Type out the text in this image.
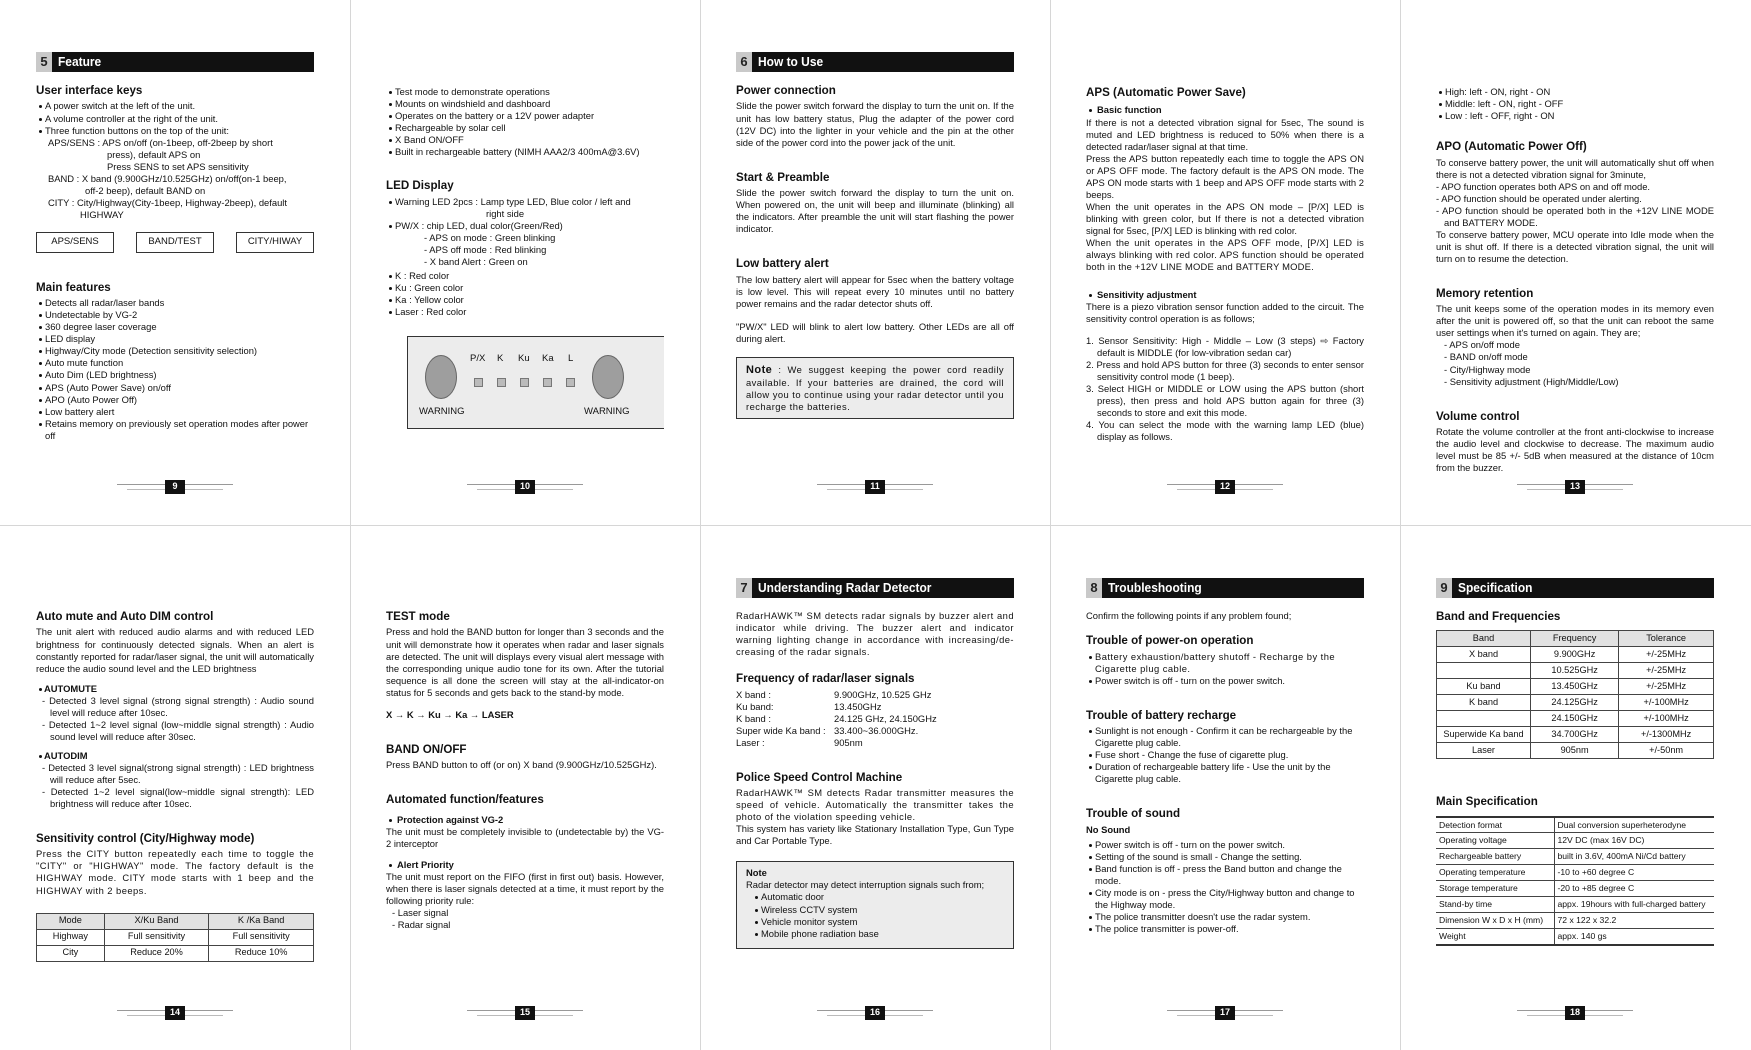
5 Feature
User interface keys
A power switch at the left of the unit.
A volume controller at the right of the unit.
Three function buttons on the top of the unit:

APS/SENS : APS on/off (on-1beep, off-2beep by short

press), default APS on

Press SENS to set APS sensitivity

BAND : X band (9.900GHz/10.525GHz) on/off(on-1 beep,

off-2 beep), default BAND on

CITY : City/Highway(City-1beep, Highway-2beep), default

HIGHWAY

APS/SENS	BAND/TEST	CITY/HIWAY
Main features
Detects all radar/laser bands
Undetectable by VG-2
360 degree laser coverage
LED display
Highway/City mode (Detection sensitivity selection)
Auto mute function
Auto Dim (LED brightness)
APS (Auto Power Save) on/off
APO (Auto Power Off)
Low battery alert
Retains memory on previously set operation modes after power off
9
Test mode to demonstrate operations
Mounts on windshield and dashboard
Operates on the battery or a 12V power adapter
Rechargeable by solar cell
X Band ON/OFF
Built in rechargeable battery (NIMH AAA2/3 400mA@3.6V)
LED Display
Warning LED 2pcs : Lamp type LED, Blue color / left and

right side

PW/X : chip LED, dual color(Green/Red)

- APS on mode : Green blinking

- APS off mode : Red blinking

- X band Alert : Green on

K : Red color
Ku : Green color
Ka : Yellow color
Laser : Red color
P/X K Ku Ka L
WARNING	WARNING
10
6 How to Use
Power connection

Slide the power switch forward the display to turn the unit on. If the unit has low battery status, Plug the adapter of the power cord (12V DC) into the lighter in your vehicle and the pin at the other side of the power cord into the power jack of the unit.

Start & Preamble

Slide the power switch forward the display to turn the unit on. When powered on, the unit will beep and illuminate (blinking) all the indicators. After preamble the unit will start flashing the power indicator.

Low battery alert

The low battery alert will appear for 5sec when the battery voltage is low level. This will repeat every 10 minutes until no battery power remains and the radar detector shuts off.

"PW/X" LED will blink to alert low battery. Other LEDs are all off during alert.

Note : We suggest keeping the power cord readily available. If your batteries are drained, the cord will allow you to continue using your radar detector until you recharge the batteries.

11
APS (Automatic Power Save)
Basic function

If there is not a detected vibration signal for 5sec, The sound is muted and LED brightness is reduced to 50% when there is a detected radar/laser signal at that time.

Press the APS button repeatedly each time to toggle the APS ON or APS OFF mode. The factory default is the APS ON mode. The APS ON mode starts with 1 beep and APS OFF mode starts with 2 beeps.

When the unit operates in the APS ON mode – [P/X] LED is blinking with green color, but If there is not a detected vibration signal for 5sec, [P/X] LED is blinking with red color.

When the unit operates in the APS OFF mode, [P/X] LED is always blinking with red color. APS function should be operated both in the +12V LINE MODE and BATTERY MODE.

Sensitivity adjustment

There is a piezo vibration sensor function added to the circuit. The sensitivity control operation is as follows;

1. Sensor Sensitivity: High - Middle – Low (3 steps) ⇨ Factory default is MIDDLE (for low-vibration sedan car)

2. Press and hold APS button for three (3) seconds to enter sensor sensitivity control mode (1 beep).

3. Select HIGH or MIDDLE or LOW using the APS button (short press), then press and hold APS button again for three (3) seconds to store and exit this mode.

4. You can select the mode with the warning lamp LED (blue) display as follows.

12
High: left - ON, right - ON
Middle: left - ON, right - OFF
Low : left - OFF, right - ON
APO (Automatic Power Off)

To conserve battery power, the unit will automatically shut off when there is not a detected vibration signal for 3minute,

- APO function operates both APS on and off mode.

- APO function should be operated under alerting.

- APO function should be operated both in the +12V LINE MODE and BATTERY MODE.

To conserve battery power, MCU operate into Idle mode when the unit is shut off. If there is a detected vibration signal, the unit will turn on to resume the detection.

Memory retention

The unit keeps some of the operation modes in its memory even after the unit is powered off, so that the unit can reboot the same user settings when it's turned on again. They are;

- APS on/off mode

- BAND on/off mode

- City/Highway mode

- Sensitivity adjustment (High/Middle/Low)

Volume control

Rotate the volume controller at the front anti-clockwise to increase the audio level and clockwise to decrease. The maximum audio level must be 85 +/- 5dB when measured at the distance of 10cm from the buzzer.

13
Auto mute and Auto DIM control

The unit alert with reduced audio alarms and with reduced LED brightness for continuously detected signals. When an alert is constantly reported for radar/laser signal, the unit will automatically reduce the audio sound level and the LED brightness

AUTOMUTE

- Detected 3 level signal (strong signal strength) : Audio sound level will reduce after 10sec.

- Detected 1~2 level signal (low~middle signal strength) : Audio sound level will reduce after 30sec.

AUTODIM

- Detected 3 level signal(strong signal strength) : LED brightness will reduce after 5sec.

- Detected 1~2 level signal(low~middle signal strength): LED brightness will reduce after 10sec.

Sensitivity control (City/Highway mode)

Press the CITY button repeatedly each time to toggle the "CITY" or "HIGHWAY" mode. The factory default is the HIGHWAY mode. CITY mode starts with 1 beep and the HIGHWAY with 2 beeps.

Mode	X/Ku Band	K /Ka Band
Highway	Full sensitivity	Full sensitivity
City	Reduce 20%	Reduce 10%
14
TEST mode

Press and hold the BAND button for longer than 3 seconds and the unit will demonstrate how it operates when radar and laser signals are detected. The unit will displays every visual alert message with the corresponding unique audio tone for its own. After the tutorial sequence is all done the screen will stay at the all-indicator-on status for 5 seconds and gets back to the stand-by mode.

X → K → Ku → Ka → LASER

BAND ON/OFF

Press BAND button to off (or on) X band (9.900GHz/10.525GHz).

Automated function/features
Protection against VG-2

The unit must be completely invisible to (undetectable by) the VG-2 interceptor

Alert Priority

The unit must report on the FIFO (first in first out) basis. However, when there is laser signals detected at a time, it must report by the following priority rule:

- Laser signal

- Radar signal

15
7 Understanding Radar Detector

RadarHAWK™ SM detects radar signals by buzzer alert and indicator while driving. The buzzer alert and indicator warning lighting change in accordance with increasing/de-creasing of the radar signals.

Frequency of radar/laser signals
X band :	9.900GHz, 10.525 GHz
Ku band:	13.450GHz
K band :	24.125 GHz, 24.150GHz
Super wide Ka band :	33.400~36.000GHz.
Laser :	905nm
Police Speed Control Machine

RadarHAWK™ SM detects Radar transmitter measures the speed of vehicle. Automatically the transmitter takes the photo of the violation speeding vehicle.

This system has variety like Stationary Installation Type, Gun Type and Car Portable Type.

Note

Radar detector may detect interruption signals such from;

Automatic door
Wireless CCTV system
Vehicle monitor system
Mobile phone radiation base
16
8 Troubleshooting

Confirm the following points if any problem found;

Trouble of power-on operation
Battery exhaustion/battery shutoff - Recharge by the Cigarette plug cable.
Power switch is off - turn on the power switch.
Trouble of battery recharge
Sunlight is not enough - Confirm it can be rechargeable by the Cigarette plug cable.
Fuse short - Change the fuse of cigarette plug.
Duration of rechargeable battery life - Use the unit by the Cigarette plug cable.
Trouble of sound
No Sound
Power switch is off - turn on the power switch.
Setting of the sound is small - Change the setting.
Band function is off - press the Band button and change the mode.
City mode is on - press the City/Highway button and change to the Highway mode.
The police transmitter doesn't use the radar system.
The police transmitter is power-off.
17
9 Specification
Band and Frequencies
Band	Frequency	Tolerance
X band	9.900GHz	+/-25MHz
	10.525GHz	+/-25MHz
Ku band	13.450GHz	+/-25MHz
K band	24.125GHz	+/-100MHz
	24.150GHz	+/-100MHz
Superwide Ka band	34.700GHz	+/-1300MHz
Laser	905nm	+/-50nm
Main Specification
Detection format	Dual conversion superheterodyne
Operating voltage	12V DC (max 16V DC)
Rechargeable battery	built in 3.6V, 400mA Ni/Cd battery
Operating temperature	-10 to +60 degree C
Storage temperature	-20 to +85 degree C
Stand-by time	appx. 19hours with full-charged battery
Dimension W x D x H (mm)	72 x 122 x 32.2
Weight	appx. 140 gs
18
